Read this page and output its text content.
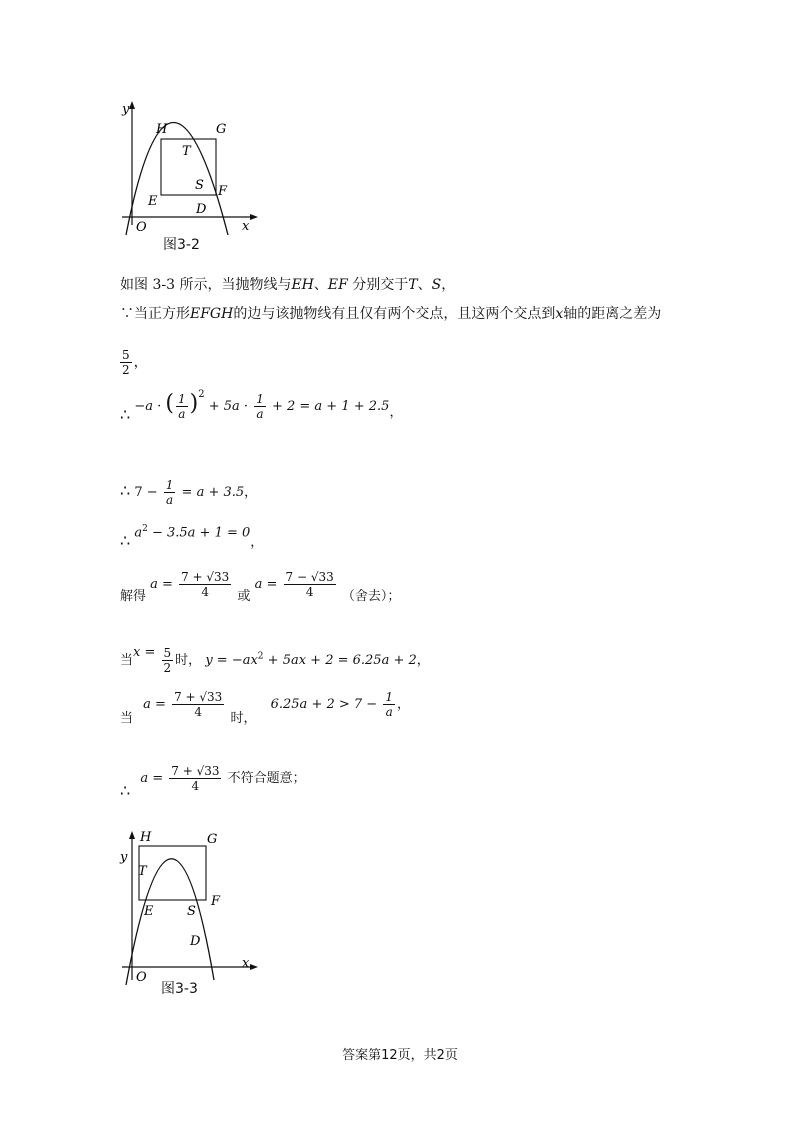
y
x
O
H	G
T
S F
E
D
图3-2
如图 3-3 所示，当抛物线与EH、EF 分别交于T、S，
∵当正方形EFGH的边与该抛物线有且仅有两个交点，且这两个交点到x轴的距离之差为
$\frac{5}{2}$ ，
∴ −a · ( $\frac{1}{a} )^2 + 5a \cdot \frac{1}{a} + 2 = a + 1 + 2.5$，
∴ $7 - \frac{1}{a} = a + 3.5$，
∴ $a^2 - 3.5a + 1 = 0$，
解得 $a = \frac{7 + √33}{4}$ 或 $a = \frac{7 - √33}{4}$ （舍去）；
当$x = \frac{5}{2}$ 时， $y = -ax^2 + 5ax + 2 = 6.25a + 2$，
当 $a = \frac{7 + √33}{4}$ 时， $6.25a + 2 > 7 - \frac{1}{a}$ ，
∴ $a = \frac{7 + √33}{4}$ 不符合题意；
H	G
y
T
E	S
F
D
O
x
图3-3
答案第12页，共2页
